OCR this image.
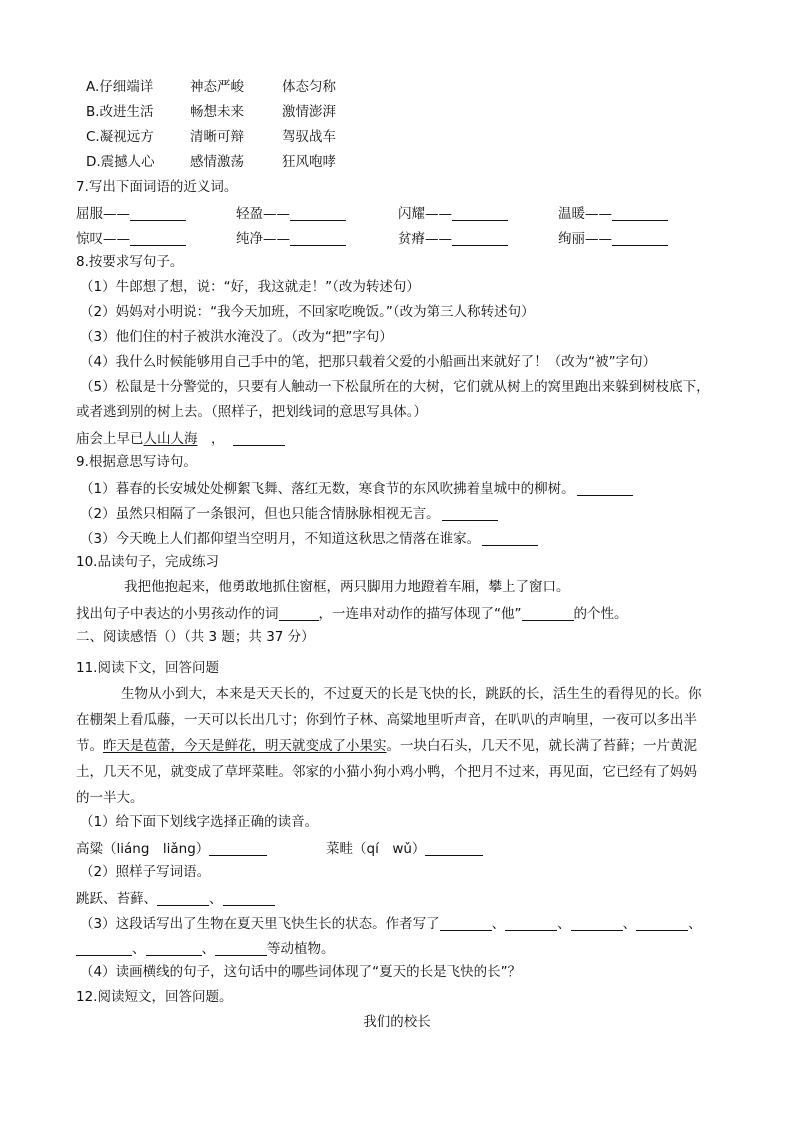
A.仔细端详	神态严峻	体态匀称
B.改进生活	畅想未来	激情澎湃
C.凝视远方	清晰可辩	驾驭战车
D.震撼人心	感情激荡	狂风咆哮
7.写出下面词语的近义词。
屈服——	轻盈——	闪耀——	温暖——
惊叹——	纯净——	贫瘠——	绚丽——
8.按要求写句子。
（1）牛郎想了想，说：“好，我这就走！”（改为转述句）
（2）妈妈对小明说：“我今天加班，不回家吃晚饭。”（改为第三人称转述句）
（3）他们住的村子被洪水淹没了。（改为“把”字句）
（4）我什么时候能够用自己手中的笔，把那只载着父爱的小船画出来就好了！（改为“被”字句）
（5）松鼠是十分警觉的，只要有人触动一下松鼠所在的大树，它们就从树上的窝里跑出来躲到树枝底下，
或者逃到别的树上去。（照样子，把划线词的意思写具体。）
庙会上早已人山人海　，
9.根据意思写诗句。
（1）暮春的长安城处处柳絮飞舞、落红无数，寒食节的东风吹拂着皇城中的柳树。
（2）虽然只相隔了一条银河，但也只能含情脉脉相视无言。
（3）今天晚上人们都仰望当空明月，不知道这秋思之情落在谁家。
10.品读句子，完成练习
我把他抱起来，他勇敢地抓住窗框，两只脚用力地蹬着车厢，攀上了窗口。
找出句子中表达的小男孩动作的词	，一连串对动作的描写体现了“他”	的个性。
二、阅读感悟（）（共 3 题；共 37 分）
11.阅读下文，回答问题
生物从小到大，本来是天天长的，不过夏天的长是飞快的长，跳跃的长，活生生的看得见的长。你
在棚架上看瓜藤，一天可以长出几寸；你到竹子林、高粱地里听声音，在叭叭的声响里，一夜可以多出半
节。昨天是苞蕾，今天是鲜花，明天就变成了小果实。一块白石头，几天不见，就长满了苔藓；一片黄泥
土，几天不见，就变成了草坪菜畦。邻家的小猫小狗小鸡小鸭，个把月不过来，再见面，它已经有了妈妈
的一半大。
（1）给下面下划线字选择正确的读音。
高粱（liáng　liǎng）	菜畦（qí　wǔ）
（2）照样子写词语。
跳跃、苔藓、	、
（3）这段话写出了生物在夏天里飞快生长的状态。作者写了	、	、	、	、
、	、	等动植物。
（4）读画横线的句子，这句话中的哪些词体现了“夏天的长是飞快的长”？
12.阅读短文，回答问题。
我们的校长
